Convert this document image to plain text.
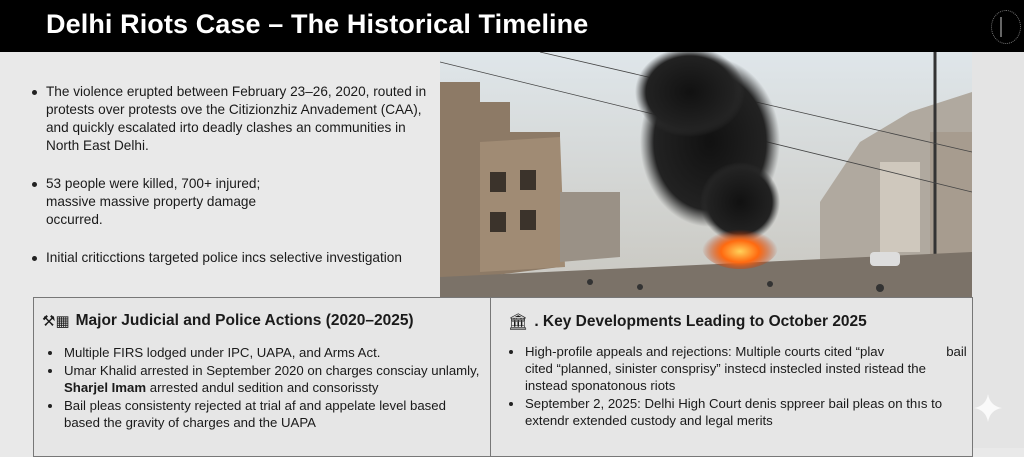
Delhi Riots Case – The Historical Timeline
The violence erupted between February 23–26, 2020, routed in protests over protests ove the Citizionzhiz Anvadement (CAA), and quickly escalated irto deadly clashes an communities in North East Delhi.
53 people were killed, 700+ injured; massive massive property damage occurred.
Initial criticctions targeted police incs selective investigation
⚒▦ Major Judicial and Police Actions (2020–2025)
Multiple FIRS lodged under IPC, UAPA, and Arms Act.
Umar Khalid arrested in September 2020 on charges consciay unlamly, Sharjel Imam arrested andul sedition and consorissty
Bail pleas consistenty rejected at trial af and appelate level based based the gravity of charges and the UAPA
🏛 . Key Developments Leading to October 2025
High-profile appeals and rejections: Multiple courts cited “plav	bail cited “planned, sinister consprisy” instecd instecled insted ristead the instead sponatonous riots
September 2, 2025: Delhi High Court denis sppreer bail pleas on thıs to extendr extended custody and legal merits
